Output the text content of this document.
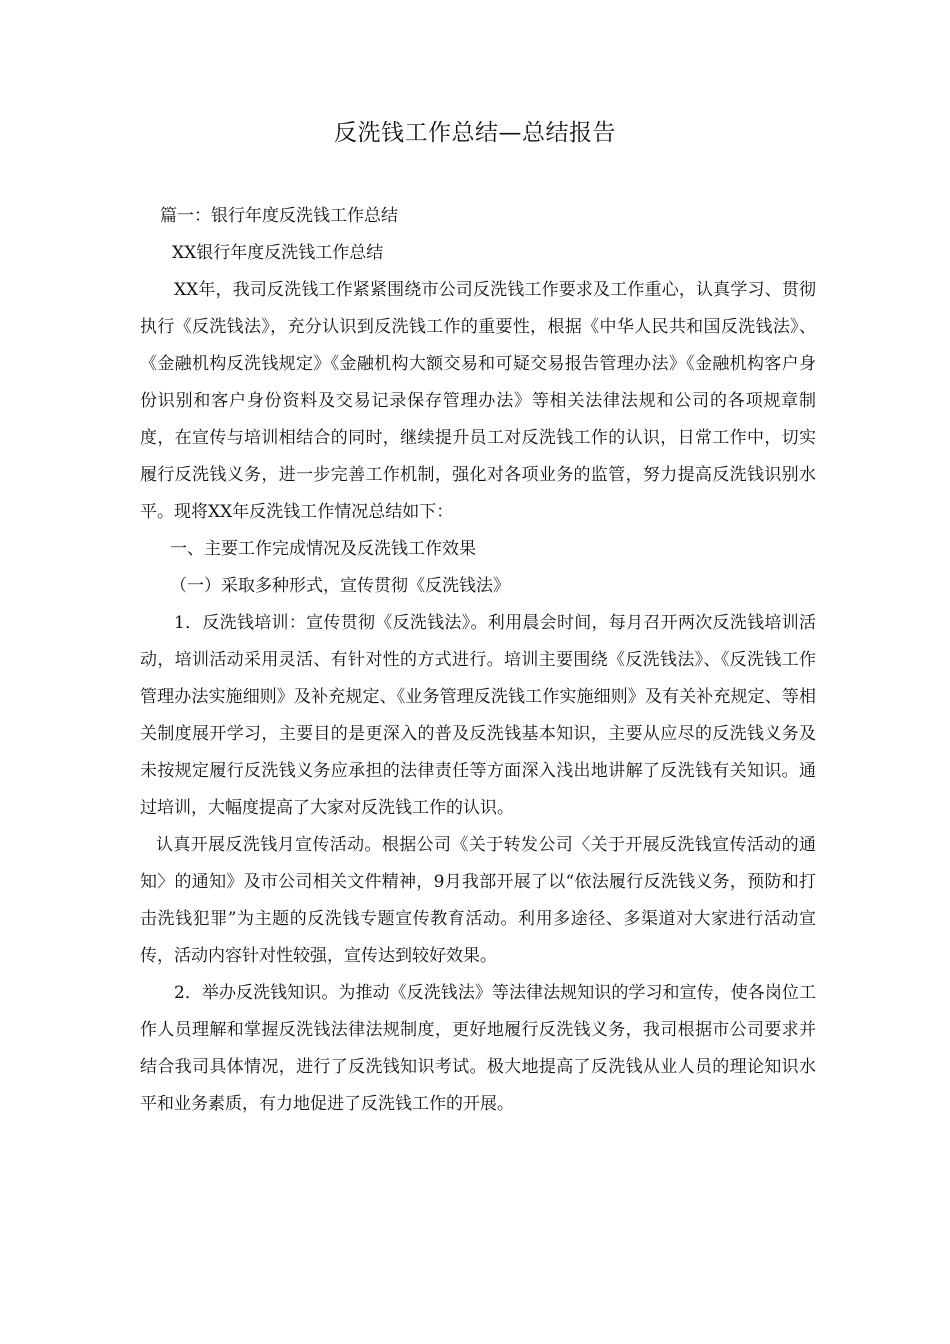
反洗钱工作总结—总结报告

篇一：银行年度反洗钱工作总结

XX银行年度反洗钱工作总结

XX年，我司反洗钱工作紧紧围绕市公司反洗钱工作要求及工作重心，认真学习、贯彻执行《反洗钱法》，充分认识到反洗钱工作的重要性，根据《中华人民共和国反洗钱法》、《金融机构反洗钱规定》《金融机构大额交易和可疑交易报告管理办法》《金融机构客户身份识别和客户身份资料及交易记录保存管理办法》等相关法律法规和公司的各项规章制度，在宣传与培训相结合的同时，继续提升员工对反洗钱工作的认识，日常工作中，切实履行反洗钱义务，进一步完善工作机制，强化对各项业务的监管，努力提高反洗钱识别水平。现将XX年反洗钱工作情况总结如下：

一、主要工作完成情况及反洗钱工作效果

（一）采取多种形式，宣传贯彻《反洗钱法》

1．反洗钱培训：宣传贯彻《反洗钱法》。利用晨会时间，每月召开两次反洗钱培训活动，培训活动采用灵活、有针对性的方式进行。培训主要围绕《反洗钱法》、《反洗钱工作管理办法实施细则》及补充规定、《业务管理反洗钱工作实施细则》及有关补充规定、等相关制度展开学习，主要目的是更深入的普及反洗钱基本知识，主要从应尽的反洗钱义务及未按规定履行反洗钱义务应承担的法律责任等方面深入浅出地讲解了反洗钱有关知识。通过培训，大幅度提高了大家对反洗钱工作的认识。

认真开展反洗钱月宣传活动。根据公司《关于转发公司〈关于开展反洗钱宣传活动的通知〉的通知》及市公司相关文件精神，9月我部开展了以“依法履行反洗钱义务，预防和打击洗钱犯罪”为主题的反洗钱专题宣传教育活动。利用多途径、多渠道对大家进行活动宣传，活动内容针对性较强，宣传达到较好效果。

2．举办反洗钱知识。为推动《反洗钱法》等法律法规知识的学习和宣传，使各岗位工作人员理解和掌握反洗钱法律法规制度，更好地履行反洗钱义务，我司根据市公司要求并结合我司具体情况，进行了反洗钱知识考试。极大地提高了反洗钱从业人员的理论知识水平和业务素质，有力地促进了反洗钱工作的开展。
